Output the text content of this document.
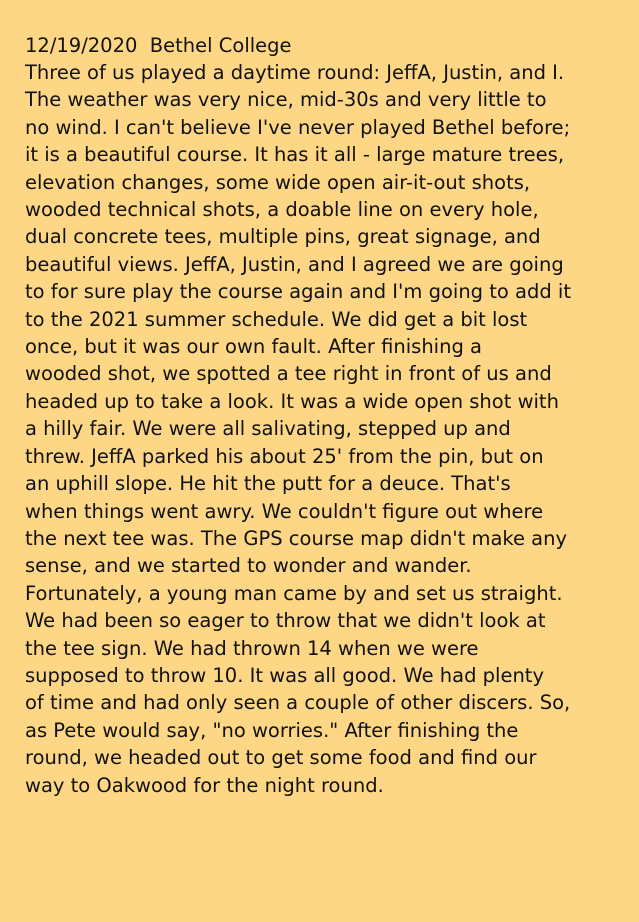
12/19/2020  Bethel College
Three of us played a daytime round: JeffA, Justin, and I.
The weather was very nice, mid-30s and very little to
no wind. I can't believe I've never played Bethel before;
it is a beautiful course. It has it all - large mature trees,
elevation changes, some wide open air-it-out shots,
wooded technical shots, a doable line on every hole,
dual concrete tees, multiple pins, great signage, and
beautiful views. JeffA, Justin, and I agreed we are going
to for sure play the course again and I'm going to add it
to the 2021 summer schedule. We did get a bit lost
once, but it was our own fault. After finishing a
wooded shot, we spotted a tee right in front of us and
headed up to take a look. It was a wide open shot with
a hilly fair. We were all salivating, stepped up and
threw. JeffA parked his about 25' from the pin, but on
an uphill slope. He hit the putt for a deuce. That's
when things went awry. We couldn't figure out where
the next tee was. The GPS course map didn't make any
sense, and we started to wonder and wander.
Fortunately, a young man came by and set us straight.
We had been so eager to throw that we didn't look at
the tee sign. We had thrown 14 when we were
supposed to throw 10. It was all good. We had plenty
of time and had only seen a couple of other discers. So,
as Pete would say, "no worries." After finishing the
round, we headed out to get some food and find our
way to Oakwood for the night round.
